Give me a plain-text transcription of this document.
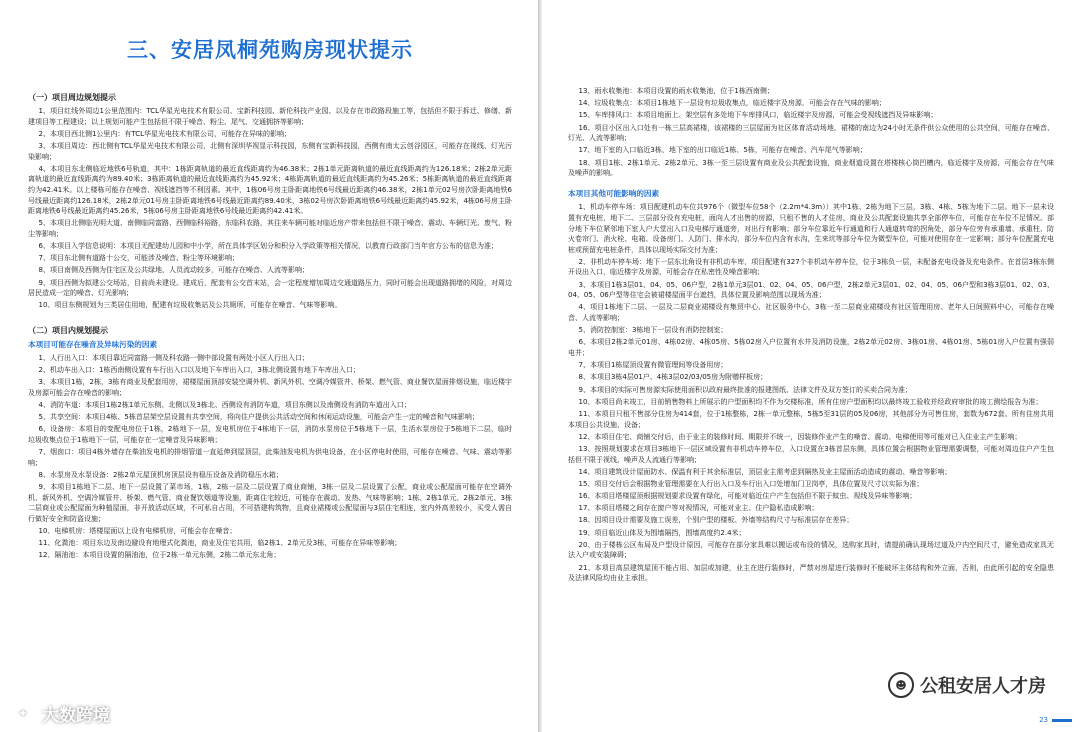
三、安居凤桐苑购房现状提示
（一）项目周边规划提示

1、项目红线外周边1公里范围内：TCL华星光电技术有限公司、宝新科技园、新伦科技产业园、以及存在市政路段施工等，包括但不限于拆迁、修缮、新建项目等工程建设；以上规划可能产生包括但不限于噪音、粉尘、尾气、交通拥挤等影响；

2、本项目西北侧1公里内：有TCL华星光电技术有限公司，可能存在异味的影响；

3、本项目周边：西北侧有TCL华星光电技术有限公司，北侧有深圳华视显示科技园，东侧有宝新科技园，西侧有南太云创谷园区，可能存在视线、灯光污染影响；

4、本项目东北侧临近地铁6号轨道，其中：1栋距离轨道的最近直线距离约为46.38米；2栋1单元距离轨道的最近直线距离约为126.18米；2栋2单元距离轨道的最近直线距离约为89.40米；3栋距离轨道的最近直线距离约为45.92米；4栋距离轨道的最近直线距离约为45.26米；5栋距离轨道的最近直线距离约为42.41米。以上楼栋可能存在噪音、视线遮挡等不利因素。其中，1栋06号房主卧距离地铁6号线最近距离约46.38米，2栋1单元02号房次卧距离地铁6号线最近距离约126.18米，2栋2单元01号房主卧距离地铁6号线最近距离约89.40米，3栋02号房次卧距离地铁6号线最近距离约45.92米，4栋06号房主卧距离地铁6号线最近距离约45.26米，5栋06号房主卧距离地铁6号线最近距离约42.41米。

5、本项目北侧临光明大道、南侧临同富路、西侧临科裕路，东临科农路，其往来车辆可能对临近房产带来包括但不限于噪音、震动、车辆灯光、废气、粉尘等影响；

6、本项目入学信息说明：本项目无配建幼儿园和中小学，所在具体学区划分和积分入学政策等相关情况，以教育行政部门当年官方公布的信息为准；

7、项目东北侧有道路十公交，可能涉及噪音、粉尘等环境影响；

8、项目南侧及西侧为住宅区及公共绿地，人员流动较多，可能存在噪音、人流等影响；

9、项目西侧为拟建公交场站，目前尚未建设。建成后，配套有公交首末站，会一定程度增加周边交通道路压力，同时可能会出现道路拥堵的风险，对周边居民造成一定的噪音、灯光影响；

10、项目东侧规划为三类居住用地，配建有垃圾收集站及公共厕所，可能存在噪音、气味等影响。

（二）项目内规划提示
本项目可能存在噪音及异味污染的因素

1、人行出入口：本项目靠近同富路一侧及科农路一侧中部设置有两处小区人行出入口；

2、机动车出入口：1栋西南侧设置有车行出入口以及地下车库出入口，3栋北侧设置有地下车库出入口；

3、本项目1栋，2栋，3栋有商业及配套用房，裙楼屋面顶部安装空调外机、新风外机、空调冷媒管井、桥架、燃气管、商业餐饮屋面排烟设施，临近楼宇及房源可能会存在噪音的影响；

4、消防车道：本项目1栋2栋1单元东侧、北侧以及3栋北、西侧设有消防车道，项目东侧以及南侧设有消防车道出入口；

5、共享空间：本项目4栋、5栋首层架空层设置有共享空间，将向住户提供公共活动空间和休闲运动设施，可能会产生一定的噪音和气味影响；

6、设备房：本项目的变配电房位于1栋，2栋地下一层，发电机房位于4栋地下一层，消防水泵房位于5栋地下一层，生活水泵房位于5栋地下二层，临时垃圾收集点位于1栋地下一层，可能存在一定噪音及异味影响；

7、烟囱口：项目4栋外墙存在柴油发电机的排烟管道一直延伸到屋顶层，此柴油发电机为供电设备，在小区停电时使用，可能存在噪音、气味、震动等影响；

8、水泵房及水泵设备：2栋2单元屋顶机房顶层设有稳压设备及消防稳压水箱；

9、本项目1栋地下二层、地下一层设置了菜市场，1栋，2栋一层及二层设置了商业商铺，3栋一层及二层设置了公配，商业或公配屋面可能存在空调外机、新风外机、空调冷媒管井、桥架、燃气管、商业餐饮烟道等设施，距离住宅较近，可能存在震动、发热、气味等影响；1栋、2栋1单元、2栋2单元、3栋二层商业或公配屋面为种植屋面，非开放活动区域，不可私自占用，不可搭建构筑物，且商业裙楼或公配屋面与3层住宅相连，室内外高差较小，买受人需自行做好安全和防盗设施；

10、电梯机房：塔楼屋面以上设有电梯机房，可能会存在噪音；

11、化粪池：项目东边及南边避设有地埋式化粪池，商业及住宅共用，临2栋1、2单元及3栋，可能存在异味等影响；

12、隔油池：本项目设置的隔油池，位于2栋一单元东侧，2栋二单元东北角；

✦ 大数跨境

13、雨水收集池：本项目设置的雨水收集池，位于1栋西南侧；

14、垃圾收集点：本项目1栋地下一层设有垃圾收集点，临近楼宇及房源，可能会存在气味的影响；

15、车库排风口：本项目地面上、架空层有多处地下车库排风口，临近楼宇及房源，可能会受视线遮挡及异味影响；

16、项目小区出入口处有一栋三层高裙楼，该裙楼的三层屋面为社区体育活动场地，裙楼的南边为24小时无条件供公众使用的公共空间，可能存在噪音、灯光、人流等影响；

17、地下室的入口临近3栋，地下室的出口临近1栋、5栋，可能存在噪音、汽车尾气等影响；

18、项目1栋、2栋1单元、2栋2单元、3栋一至三层设置有商业及公共配套设施，商业烟道设置在塔楼核心筒凹槽内，临近楼宇及房源，可能会存在气味及噪声的影响。

本项目其他可能影响的因素

1、机动车停车场：项目配建机动车位共976个（微型车位58个（2.2m*4.3m））其中1栋、2栋为地下三层，3栋、4栋、5栋为地下二层。地下一层未设置有充电桩，地下二、三层部分设有充电桩，面向人才出售的房源，只租不售的人才住房，商业及公共配套设施共享全部停车位，可能存在车位不足情况。部分地下车位紧邻地下室人户大堂出入口及电梯厅通道旁，对出行有影响；部分车位靠近车行通道和行人通道转弯的拐角处，部分车位旁有承重墙、承重柱、防火卷帘门、消火栓、电箱、设备房门、人防门、排水沟，部分车位内含有水沟，生来坑等部分车位为微型车位，可能对使用存在一定影响；部分车位配置充电桩或预留充电桩条件，具体以现场实际交付为准；

2、非机动车停车场：地下一层东北角设有非机动车库，项目配建有327个非机动车停车位，位于3栋负一层，未配备充电设备及充电条件。在首层3栋东侧开设出入口，临近楼宇及房源，可能会存在私密性及噪音影响；

3、本项目1栋3层01、04、05、06户型，2栋1单元3层01、02、04、05、06户型，2栋2单元3层01、02、04、05、06户型和3栋3层01、02、03、04、05、06户型等住宅会被裙楼屋面平台遮挡，具体位置及影响范围以现场为准；

4、项目1栋地下二层、一层及二层商业裙楼设有集贸中心、社区服务中心，3栋一至二层商业裙楼设有社区管理用房、老年人日间照料中心，可能存在噪音、人流等影响；

5、消防控制室：3栋地下一层设有消防控制室；

6、本项目2栋2单元01房、4栋02房、4栋05房、5栋02房入户位置有水井及消防设施，2栋2单元02房、3栋01房、4栋01房、5栋01房入户位置有强弱电井；

7、本项目1栋屋顶设置有微管理间等设备用房；

8、本项目3栋4层01户、4栋3层02/03/05房为附赠样板房；

9、本项目的实际可售房源实际使用面积以政府最终批准的报建图纸、法律文件及双方签订的买卖合同为准；

10、本项目尚未竣工，目前销售物料上所展示的户型面积均不作为交楼标准，所有住房户型面积均以最终竣工验收并经政府审批的竣工测绘报告为准；

11、本项目只租不售部分住房为414套，位于1栋整栋，2栋一单元整栋，5栋5至31层的05及06房，其他部分为可售住房，套数为672套。所有住房共用本项目公共设施、设备；

12、本项目住宅、商铺交付后，由于业主的装修时间、期限并不统一，因装修作业产生的噪音、震动、电梯使用等可能对已入住业主产生影响；

13、按照规划要求在项目3栋地下一层区域设置有非机动车停车位，入口设置在3栋首层东侧，具体位置会根据物业管理需要调整，可能对周边住户产生包括但不限于视线、噪声及人流通行等影响；

14、项目建筑设计屋面防水、保温有利于其余标准层，顶层业主需考虑到隔热及业主屋面活动造成的震动、噪音等影响；

15、项目交付后会根据物业管理需要在人行出入口及车行出入口处增加门卫岗亭，具体位置及尺寸以实际为准；

16、本项目塔楼屋顶根据规划要求设置有绿化，可能对临近住户产生包括但不限于蚊虫、视线及异味等影响；

17、本项目塔楼之间存在窗户等对视情况，可能对业主、住户隐私造成影响；

18、因项目设计需要及施工误差，个别户型的楼板、外墙等结构尺寸与标准层存在差异；

19、项目临近山体及为围墙隔挡，围墙高度约2.4米；

20、由于楼栋公区布局及户型设计原因，可能存在部分家具难以搬运或布设的情况，选购家具时，请提前确认现场过道及户内空间尺寸，避免造成家具无法入户或安装障碍；

21、本项目高层建筑屋顶不能占用、加层或加建，业主在进行装修时，严禁对房屋进行装修时不能破坏主体结构和外立面，否则，由此所引起的安全隐患及法律风险均由业主承担。

☻ 公租安居人才房
23
